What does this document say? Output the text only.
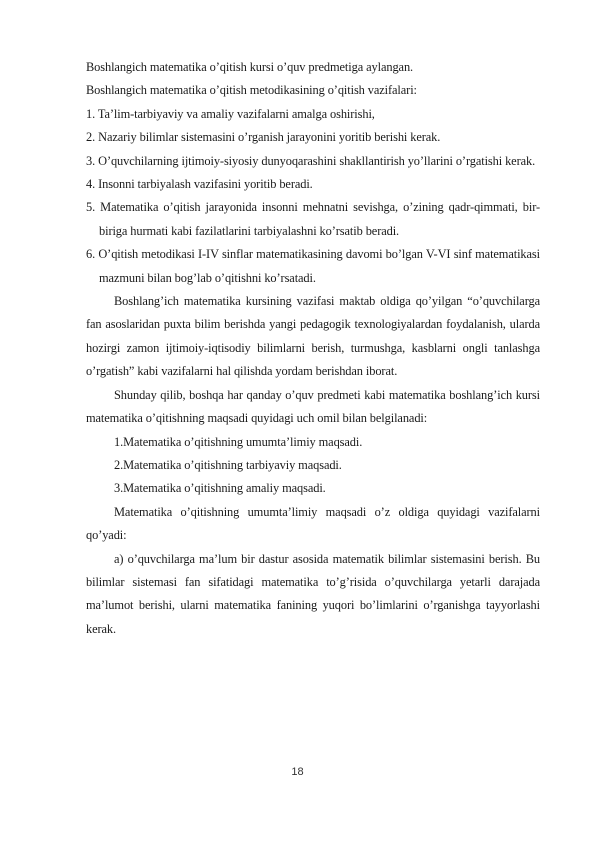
Boshlangich matematika o’qitish kursi o’quv predmetiga aylangan.

Boshlangich matematika o’qitish metodikasining o’qitish vazifalari:

1. Ta’lim-tarbiyaviy va amaliy vazifalarni amalga oshirishi,

2. Nazariy bilimlar sistemasini o’rganish jarayonini yoritib berishi kerak.

3. O’quvchilarning ijtimoiy-siyosiy dunyoqarashini shakllantirish yo’llarini o’rgatishi kerak.

4. Insonni tarbiyalash vazifasini yoritib beradi.

5. Matematika o’qitish jarayonida insonni mehnatni sevishga, o’zining qadr-qimmati, bir-biriga hurmati kabi fazilatlarini tarbiyalashni ko’rsatib beradi.

6. O’qitish metodikasi I-IV sinflar matematikasining davomi bo’lgan V-VI sinf matematikasi mazmuni bilan bog’lab o’qitishni ko’rsatadi.

Boshlang’ich matematika kursining vazifasi maktab oldiga qo’yilgan “o’quvchilarga fan asoslaridan puxta bilim berishda yangi pedagogik texnologiyalardan foydalanish, ularda hozirgi zamon ijtimoiy-iqtisodiy bilimlarni berish, turmushga, kasblarni ongli tanlashga o’rgatish” kabi vazifalarni hal qilishda yordam berishdan iborat.

Shunday qilib, boshqa har qanday o’quv predmeti kabi matematika boshlang’ich kursi matematika o’qitishning maqsadi quyidagi uch omil bilan belgilanadi:

1.Matematika o’qitishning umumta’limiy maqsadi.

2.Matematika o’qitishning tarbiyaviy maqsadi.

3.Matematika o’qitishning amaliy maqsadi.

Matematika o’qitishning umumta’limiy maqsadi o’z oldiga quyidagi vazifalarni qo’yadi:

a) o’quvchilarga ma’lum bir dastur asosida matematik bilimlar sistemasini berish. Bu bilimlar sistemasi fan sifatidagi matematika to’g’risida o’quvchilarga yetarli darajada ma’lumot berishi, ularni matematika fanining yuqori bo’limlarini o’rganishga tayyorlashi kerak.

18
